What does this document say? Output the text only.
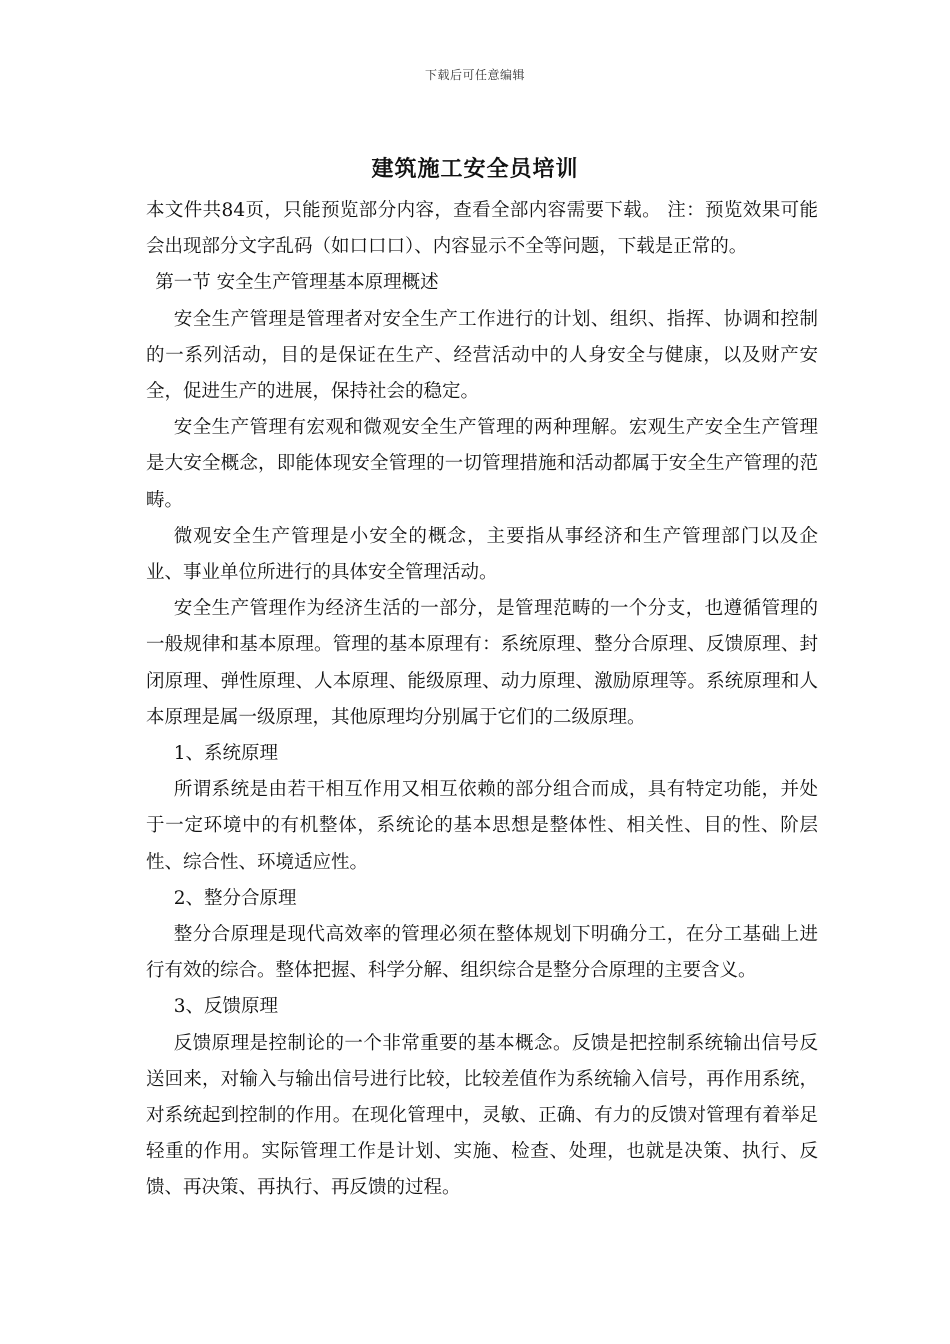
下载后可任意编辑
建筑施工安全员培训

本文件共84页，只能预览部分内容，查看全部内容需要下载。 注：预览效果可能会出现部分文字乱码（如口口口）、内容显示不全等问题，下载是正常的。

第一节 安全生产管理基本原理概述

安全生产管理是管理者对安全生产工作进行的计划、组织、指挥、协调和控制的一系列活动，目的是保证在生产、经营活动中的人身安全与健康，以及财产安全，促进生产的进展，保持社会的稳定。

安全生产管理有宏观和微观安全生产管理的两种理解。宏观生产安全生产管理是大安全概念，即能体现安全管理的一切管理措施和活动都属于安全生产管理的范畴。

微观安全生产管理是小安全的概念，主要指从事经济和生产管理部门以及企业、事业单位所进行的具体安全管理活动。

安全生产管理作为经济生活的一部分，是管理范畴的一个分支，也遵循管理的一般规律和基本原理。管理的基本原理有：系统原理、整分合原理、反馈原理、封闭原理、弹性原理、人本原理、能级原理、动力原理、激励原理等。系统原理和人本原理是属一级原理，其他原理均分别属于它们的二级原理。

1、系统原理

所谓系统是由若干相互作用又相互依赖的部分组合而成，具有特定功能，并处于一定环境中的有机整体，系统论的基本思想是整体性、相关性、目的性、阶层性、综合性、环境适应性。

2、整分合原理

整分合原理是现代高效率的管理必须在整体规划下明确分工，在分工基础上进行有效的综合。整体把握、科学分解、组织综合是整分合原理的主要含义。

3、反馈原理

反馈原理是控制论的一个非常重要的基本概念。反馈是把控制系统输出信号反送回来，对输入与输出信号进行比较，比较差值作为系统输入信号，再作用系统，对系统起到控制的作用。在现化管理中，灵敏、正确、有力的反馈对管理有着举足轻重的作用。实际管理工作是计划、实施、检查、处理，也就是决策、执行、反馈、再决策、再执行、再反馈的过程。
